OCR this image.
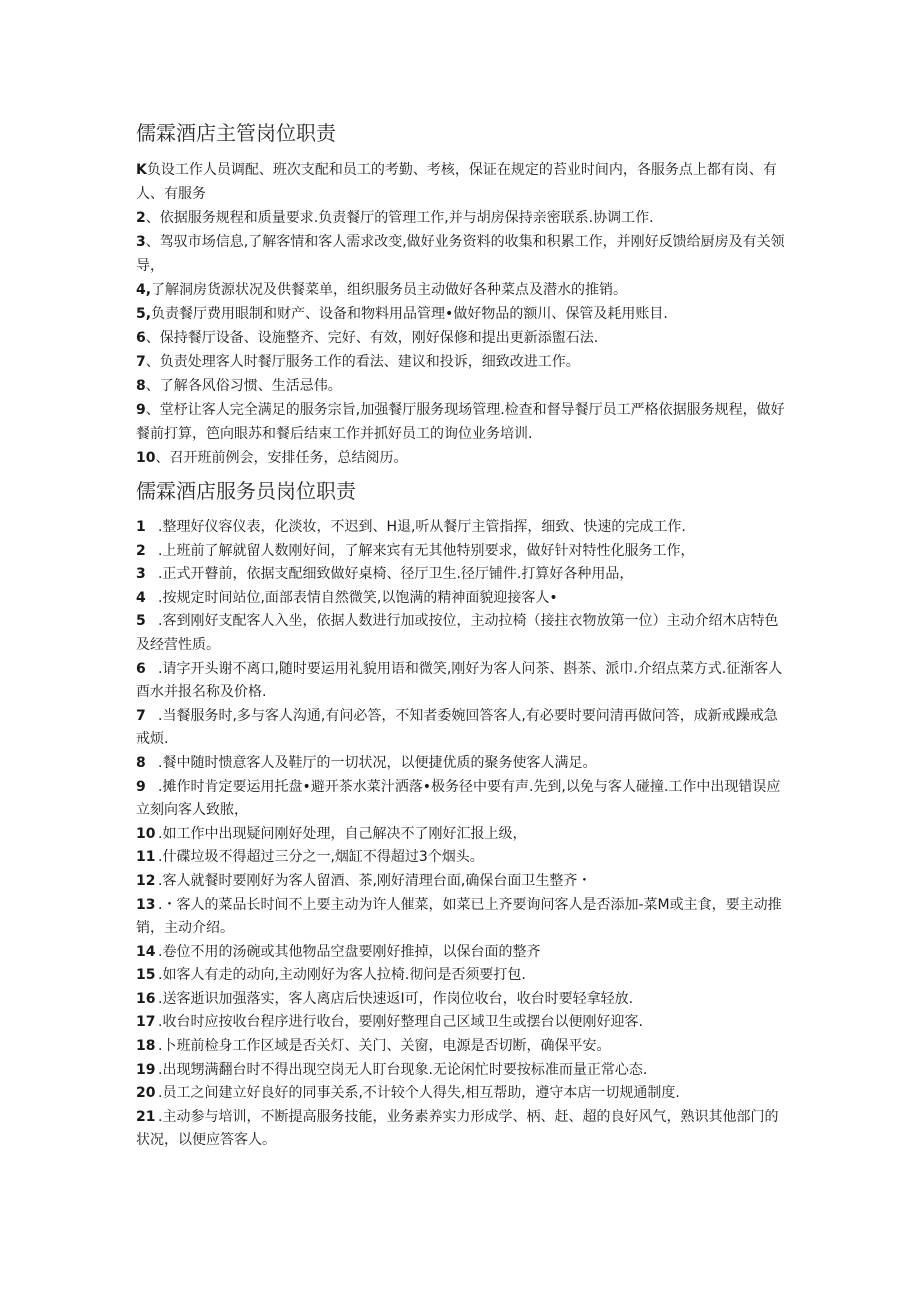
儒霖酒店主管岗位职责

K负设工作人员调配、班次支配和员工的考勤、考核，保证在规定的苔业时间内，各服务点上都有岗、有人、有服务

2、依据服务规程和质量要求.负责餐厅的管理工作,并与胡房保持亲密联系.协调工作.

3、驾驭市场信息,了解客情和客人需求改变,做好业务资料的收集和积累工作，并刚好反馈给厨房及有关领导，

4,了解洞房货源状况及供餐菜单，组织服务员主动做好各种菜点及潜水的推销。

5,负责餐厅费用眼制和财产、设备和物料用品管理•做好物品的额川、保管及耗用账目.

6、保持餐厅设备、设施整齐、完好、有效，刚好保修和提出更新添盥石法.

7、负责处理客人时餐厅服务工作的看法、建议和投诉，细致改进工作。

8、了解各风俗习惯、生活忌伟。

9、堂杼让客人完全满足的服务宗旨,加强餐厅服务现场管理.检查和督导餐厅员工严格依据服务规程，做好餐前打算，笆向眼苏和餐后结束工作并抓好员工的询位业务培训.

10、召开班前例会，安排任务，总结阅历。

儒霖酒店服务员岗位职责

1 .整理好仪容仪表，化淡妆，不迟到、H退,听从餐厅主管指挥，细致、快速的完成工作.

2 .上班前了解就留人数刚好间，了解来宾有无其他特别要求，做好针对特性化服务工作，

3 .正式开瞽前，依据支配细致做好桌椅、径厅卫生.径厅铺件.打算好各种用品，

4 .按规定时间站位,面部表情自然微笑,以饱满的精神面貌迎接客人•

5 .客到刚好支配客人入坐，依据人数进行加或按位，主动拉椅（接拄衣物放第一位）主动介绍木店特色及经营性质。

6 .请字开头谢不离口,随时要运用礼貌用语和微笑,刚好为客人问茶、斟茶、派巾.介绍点菜方式.征渐客人酉水并报名称及价格.

7 .当餐服务时,多与客人沟通,有问必答，不知者委婉回答客人,有必要时要问清再做问答，成新戒躁戒急戒烦.

8 .餐中随时愦意客人及鞋厅的一切状况，以便捷优质的聚务使客人满足。

9 .摊作时肯定要运用托盘•避开茶水菜汁洒落•极务径中要有声.先到,以免与客人碰撞.工作中出现错误应立刻向客人致脓，

10 .如工作中出现疑问刚好处理，自己解决不了刚好汇报上级，

11 .什碟垃圾不得超过三分之一,烟缸不得超过3个烟头。

12 .客人就餐时要刚好为客人留酒、茶,刚好清理台面,确保台面卫生整齐・

13 .・客人的菜品长时间不上要主动为许人催菜，如菜已上齐要询问客人是否添加-菜M或主食，要主动推销，主动介绍。

14 .卷位不用的汤碗或其他物品空盘要刚好推掉，以保台面的整齐

15 .如客人有走的动向,主动刚好为客人拉椅.彻问是否须要打包.

16 .送客逝识加强落实，客人离店后快速返I可，作岗位收台，收台时要轻拿轻放.

17 .收台时应按收台程序进行收台，要刚好整理自己区域卫生或摆台以便刚好迎客.

18 .卜班前检身工作区域是否关灯、关门、关窗，电源是否切断，确保平安。

19 .出现甥满翻台时不得出现空岗无人盯台现象.无论闲忙时要按标准而量正常心态.

20 .员工之间建立好良好的同事关系,不计较个人得失,相互帮助，遵守本店一切规通制度.

21 .主动参与培训，不断提高服务技能，业务素养实力形成学、柄、赶、超的良好风气，熟识其他部门的状况，以便应答客人。
